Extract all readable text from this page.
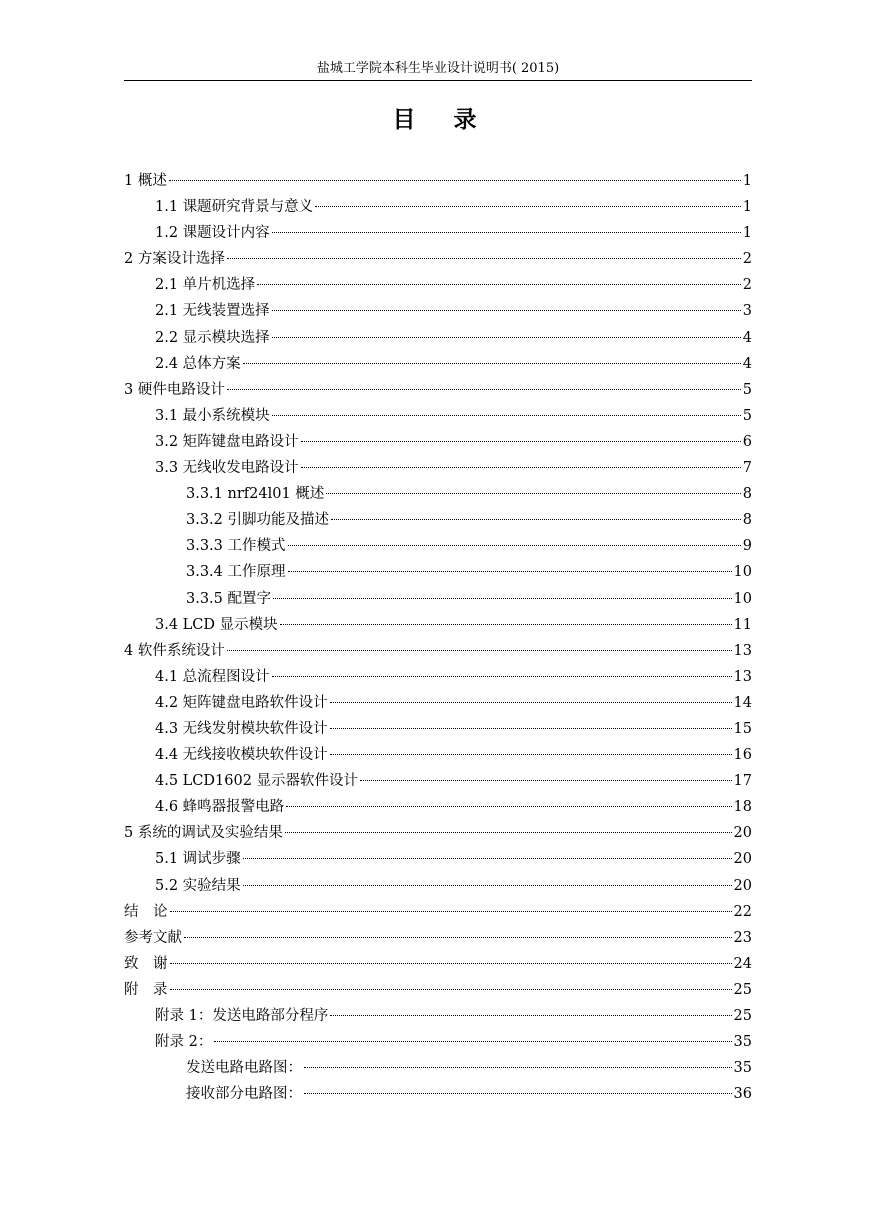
盐城工学院本科生毕业设计说明书( 2015)
目录
1 概述	1
1.1 课题研究背景与意义	1
1.2 课题设计内容	1
2 方案设计选择	2
2.1 单片机选择	2
2.1 无线装置选择	3
2.2 显示模块选择	4
2.4 总体方案	4
3 硬件电路设计	5
3.1 最小系统模块	5
3.2 矩阵键盘电路设计	6
3.3 无线收发电路设计	7
3.3.1 nrf24l01 概述	8
3.3.2 引脚功能及描述	8
3.3.3 工作模式	9
3.3.4 工作原理	10
3.3.5 配置字	10
3.4 LCD 显示模块	11
4 软件系统设计	13
4.1 总流程图设计	13
4.2 矩阵键盘电路软件设计	14
4.3 无线发射模块软件设计	15
4.4 无线接收模块软件设计	16
4.5 LCD1602 显示器软件设计	17
4.6 蜂鸣器报警电路	18
5 系统的调试及实验结果	20
5.1 调试步骤	20
5.2 实验结果	20
结　论	22
参考文献	23
致　谢	24
附　录	25
附录 1：发送电路部分程序	25
附录 2：	35
发送电路电路图：	35
接收部分电路图：	36
